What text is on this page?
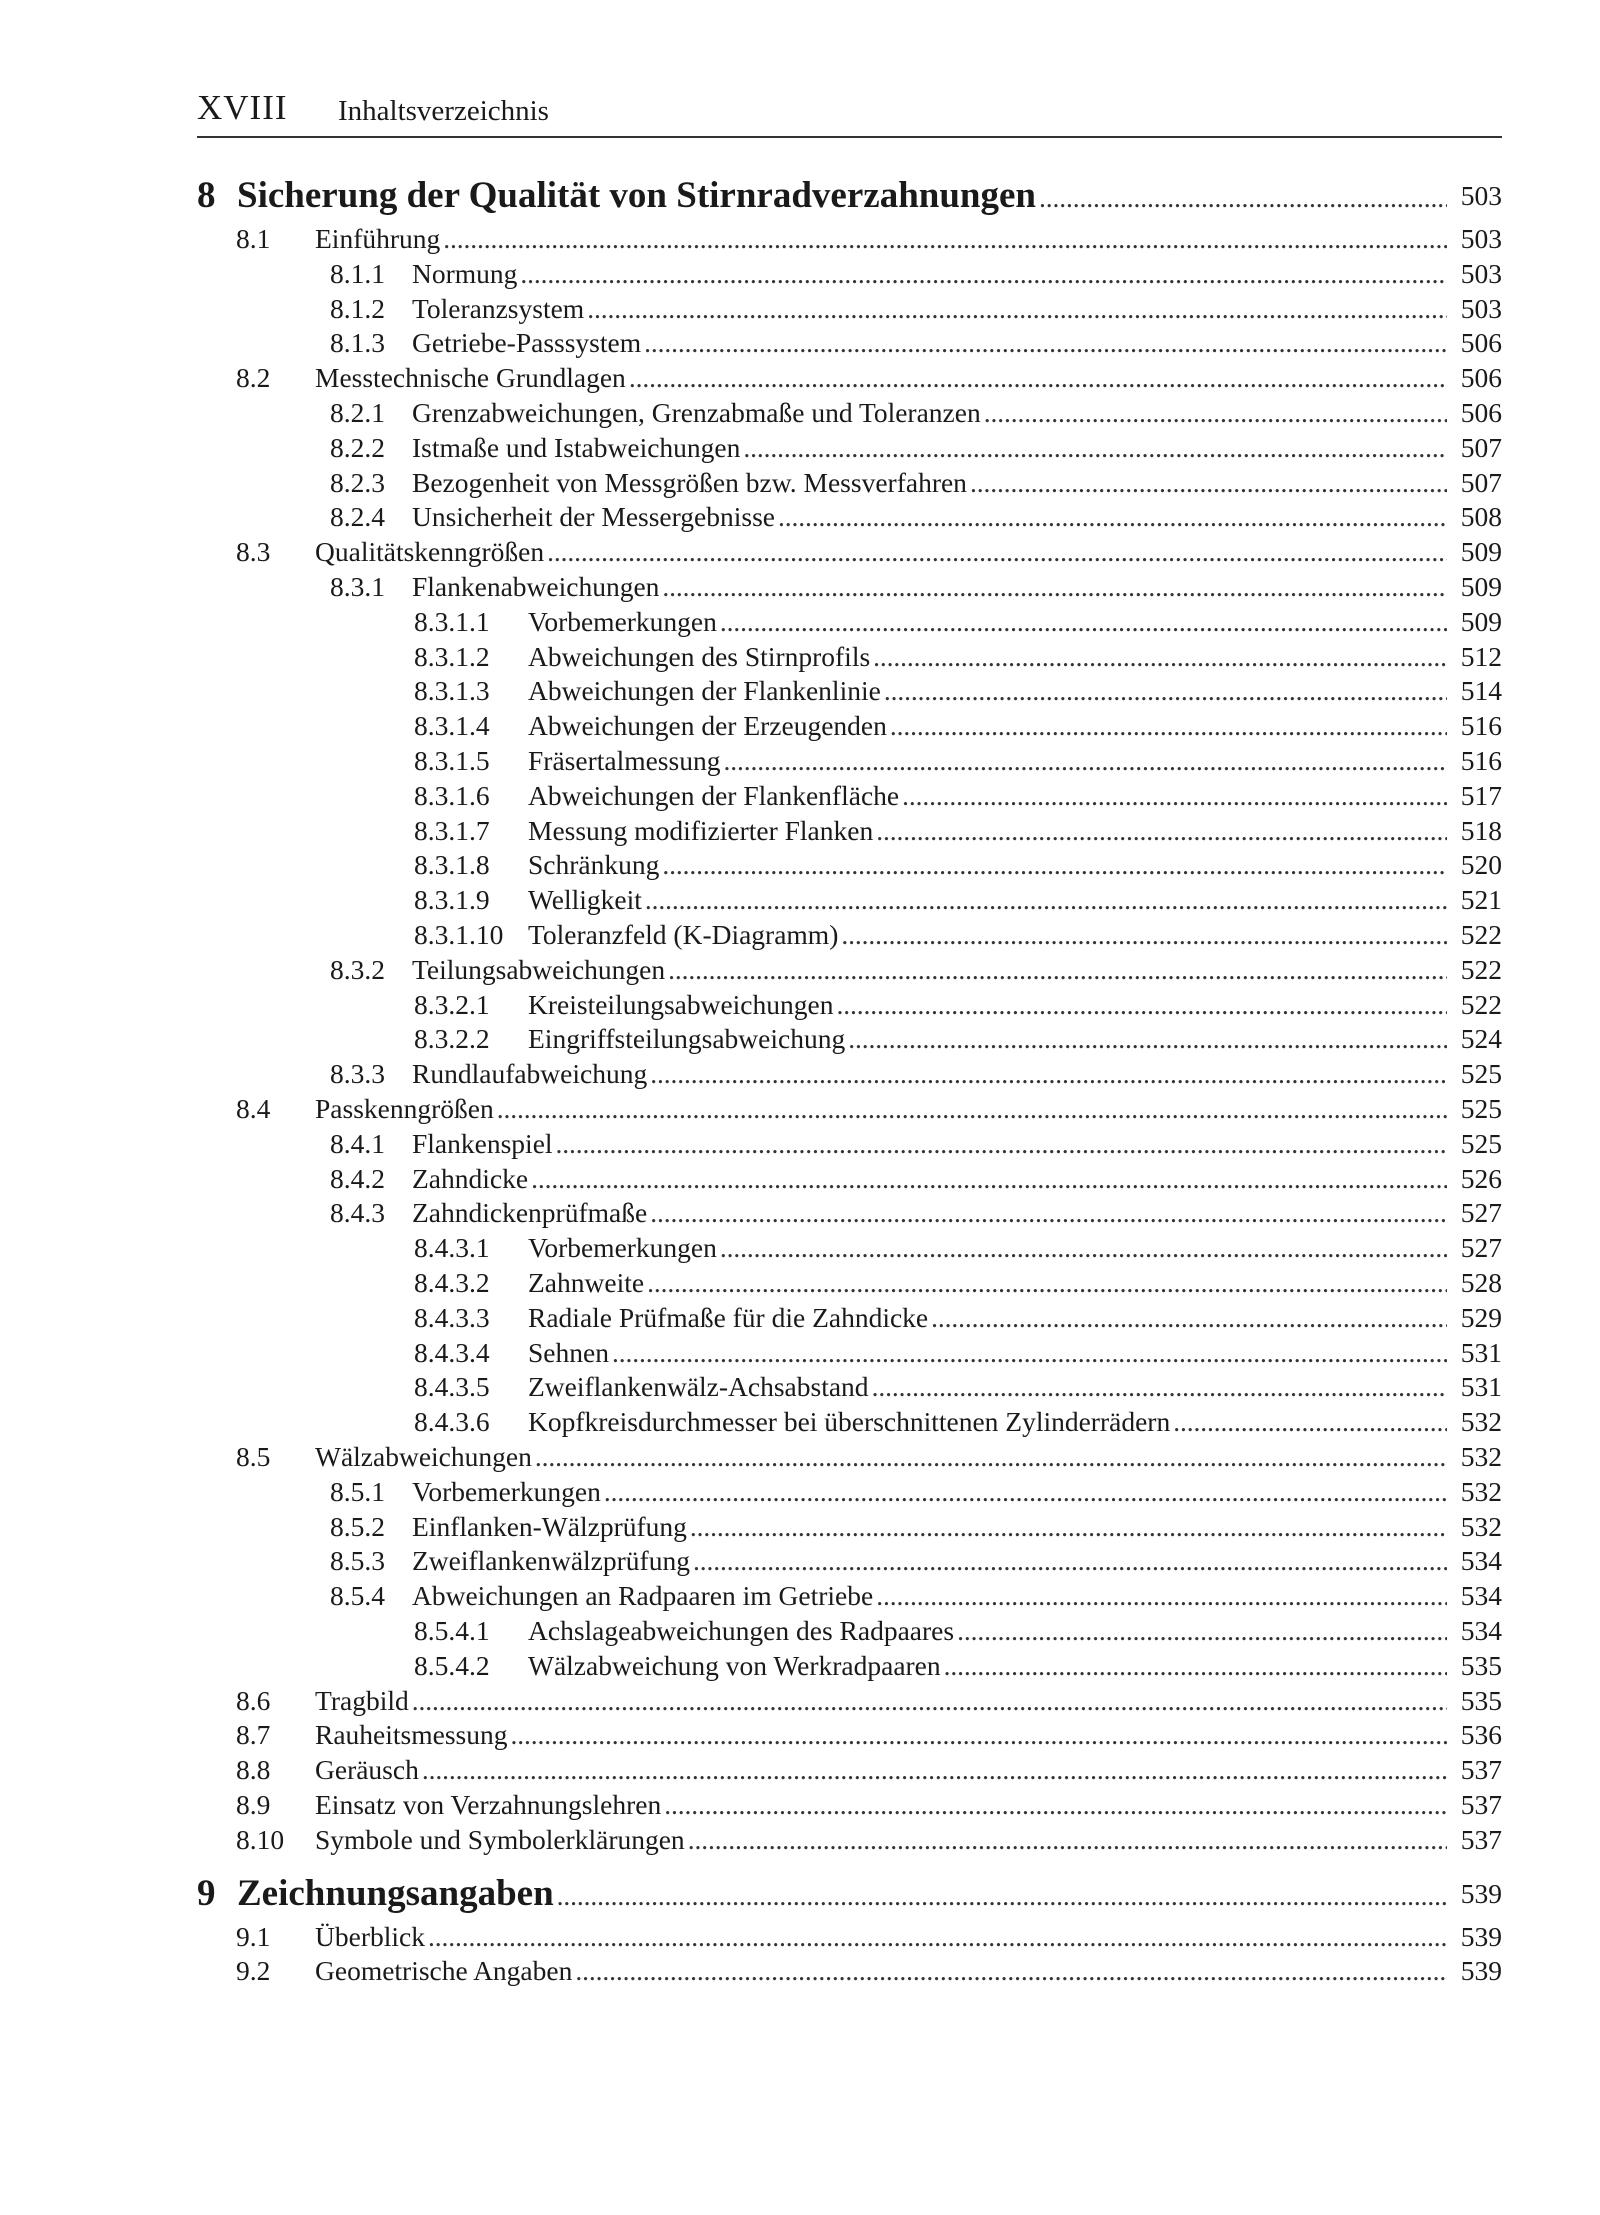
XVIII Inhaltsverzeichnis
8 Sicherung der Qualität von Stirnradverzahnungen . . .	503
8.1 Einführung . . .	503
8.1.1 Normung . . .	503
8.1.2 Toleranzsystem . . .	503
8.1.3 Getriebe-Passsystem . . .	506
8.2 Messtechnische Grundlagen . . .	506
8.2.1 Grenzabweichungen, Grenzabmaße und Toleranzen . . .	506
8.2.2 Istmaße und Istabweichungen . . .	507
8.2.3 Bezogenheit von Messgrößen bzw. Messverfahren . . .	507
8.2.4 Unsicherheit der Messergebnisse . . .	508
8.3 Qualitätskenngrößen . . .	509
8.3.1 Flankenabweichungen . . .	509
8.3.1.1 Vorbemerkungen . . .	509
8.3.1.2 Abweichungen des Stirnprofils . . .	512
8.3.1.3 Abweichungen der Flankenlinie . . .	514
8.3.1.4 Abweichungen der Erzeugenden . . .	516
8.3.1.5 Fräsertalmessung . . .	516
8.3.1.6 Abweichungen der Flankenfläche . . .	517
8.3.1.7 Messung modifizierter Flanken . . .	518
8.3.1.8 Schränkung . . .	520
8.3.1.9 Welligkeit . . .	521
8.3.1.10 Toleranzfeld (K-Diagramm) . . .	522
8.3.2 Teilungsabweichungen . . .	522
8.3.2.1 Kreisteilungsabweichungen . . .	522
8.3.2.2 Eingriffsteilungsabweichung . . .	524
8.3.3 Rundlaufabweichung . . .	525
8.4 Passkenngrößen . . .	525
8.4.1 Flankenspiel . . .	525
8.4.2 Zahndicke . . .	526
8.4.3 Zahndickenprüfmaße . . .	527
8.4.3.1 Vorbemerkungen . . .	527
8.4.3.2 Zahnweite . . .	528
8.4.3.3 Radiale Prüfmaße für die Zahndicke . . .	529
8.4.3.4 Sehnen . . .	531
8.4.3.5 Zweiflankenwälz-Achsabstand . . .	531
8.4.3.6 Kopfkreisdurchmesser bei überschnittenen Zylinderrädern . . .	532
8.5 Wälzabweichungen . . .	532
8.5.1 Vorbemerkungen . . .	532
8.5.2 Einflanken-Wälzprüfung . . .	532
8.5.3 Zweiflankenwälzprüfung . . .	534
8.5.4 Abweichungen an Radpaaren im Getriebe . . .	534
8.5.4.1 Achslageabweichungen des Radpaares . . .	534
8.5.4.2 Wälzabweichung von Werkradpaaren . . .	535
8.6 Tragbild . . .	535
8.7 Rauheitsmessung . . .	536
8.8 Geräusch . . .	537
8.9 Einsatz von Verzahnungslehren . . .	537
8.10 Symbole und Symbolerklärungen . . .	537
9 Zeichnungsangaben . . .	539
9.1 Überblick . . .	539
9.2 Geometrische Angaben . . .	539
